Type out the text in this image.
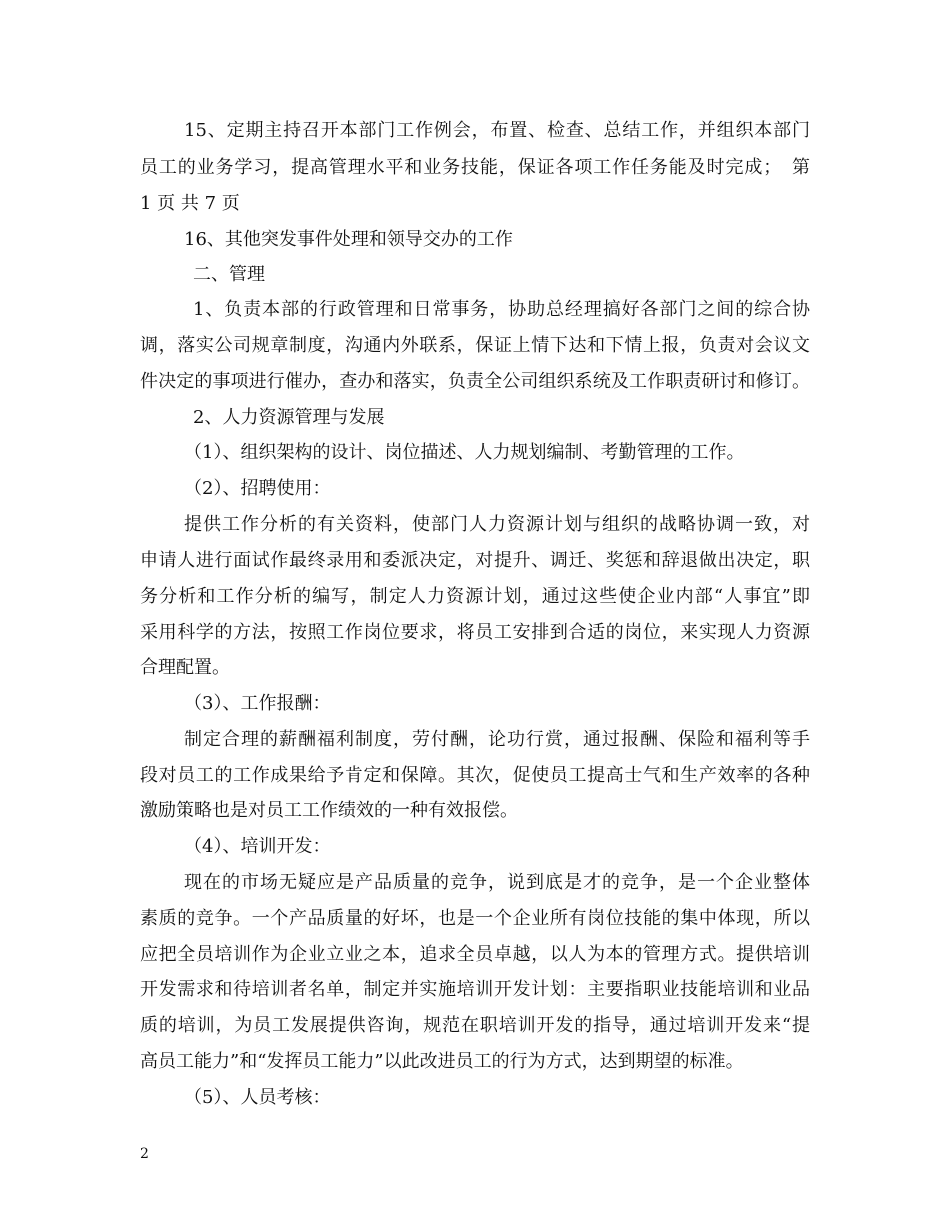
15、定期主持召开本部门工作例会，布置、检查、总结工作，并组织本部门
员工的业务学习，提高管理水平和业务技能，保证各项工作任务能及时完成；　第
1 页 共 7 页
16、其他突发事件处理和领导交办的工作
二、管理
1、负责本部的行政管理和日常事务，协助总经理搞好各部门之间的综合协
调，落实公司规章制度，沟通内外联系，保证上情下达和下情上报，负责对会议文
件决定的事项进行催办，查办和落实，负责全公司组织系统及工作职责研讨和修订。
2、人力资源管理与发展
（1）、组织架构的设计、岗位描述、人力规划编制、考勤管理的工作。
（2）、招聘使用：
提供工作分析的有关资料，使部门人力资源计划与组织的战略协调一致，对
申请人进行面试作最终录用和委派决定，对提升、调迁、奖惩和辞退做出决定，职
务分析和工作分析的编写，制定人力资源计划，通过这些使企业内部“人事宜”即
采用科学的方法，按照工作岗位要求，将员工安排到合适的岗位，来实现人力资源
合理配置。
（3）、工作报酬：
制定合理的薪酬福利制度，劳付酬，论功行赏，通过报酬、保险和福利等手
段对员工的工作成果给予肯定和保障。其次，促使员工提高士气和生产效率的各种
激励策略也是对员工工作绩效的一种有效报偿。
（4）、培训开发：
现在的市场无疑应是产品质量的竞争，说到底是才的竞争，是一个企业整体
素质的竞争。一个产品质量的好坏，也是一个企业所有岗位技能的集中体现，所以
应把全员培训作为企业立业之本，追求全员卓越，以人为本的管理方式。提供培训
开发需求和待培训者名单，制定并实施培训开发计划：主要指职业技能培训和业品
质的培训，为员工发展提供咨询，规范在职培训开发的指导，通过培训开发来“提
高员工能力”和“发挥员工能力”以此改进员工的行为方式，达到期望的标准。
（5）、人员考核：
2
